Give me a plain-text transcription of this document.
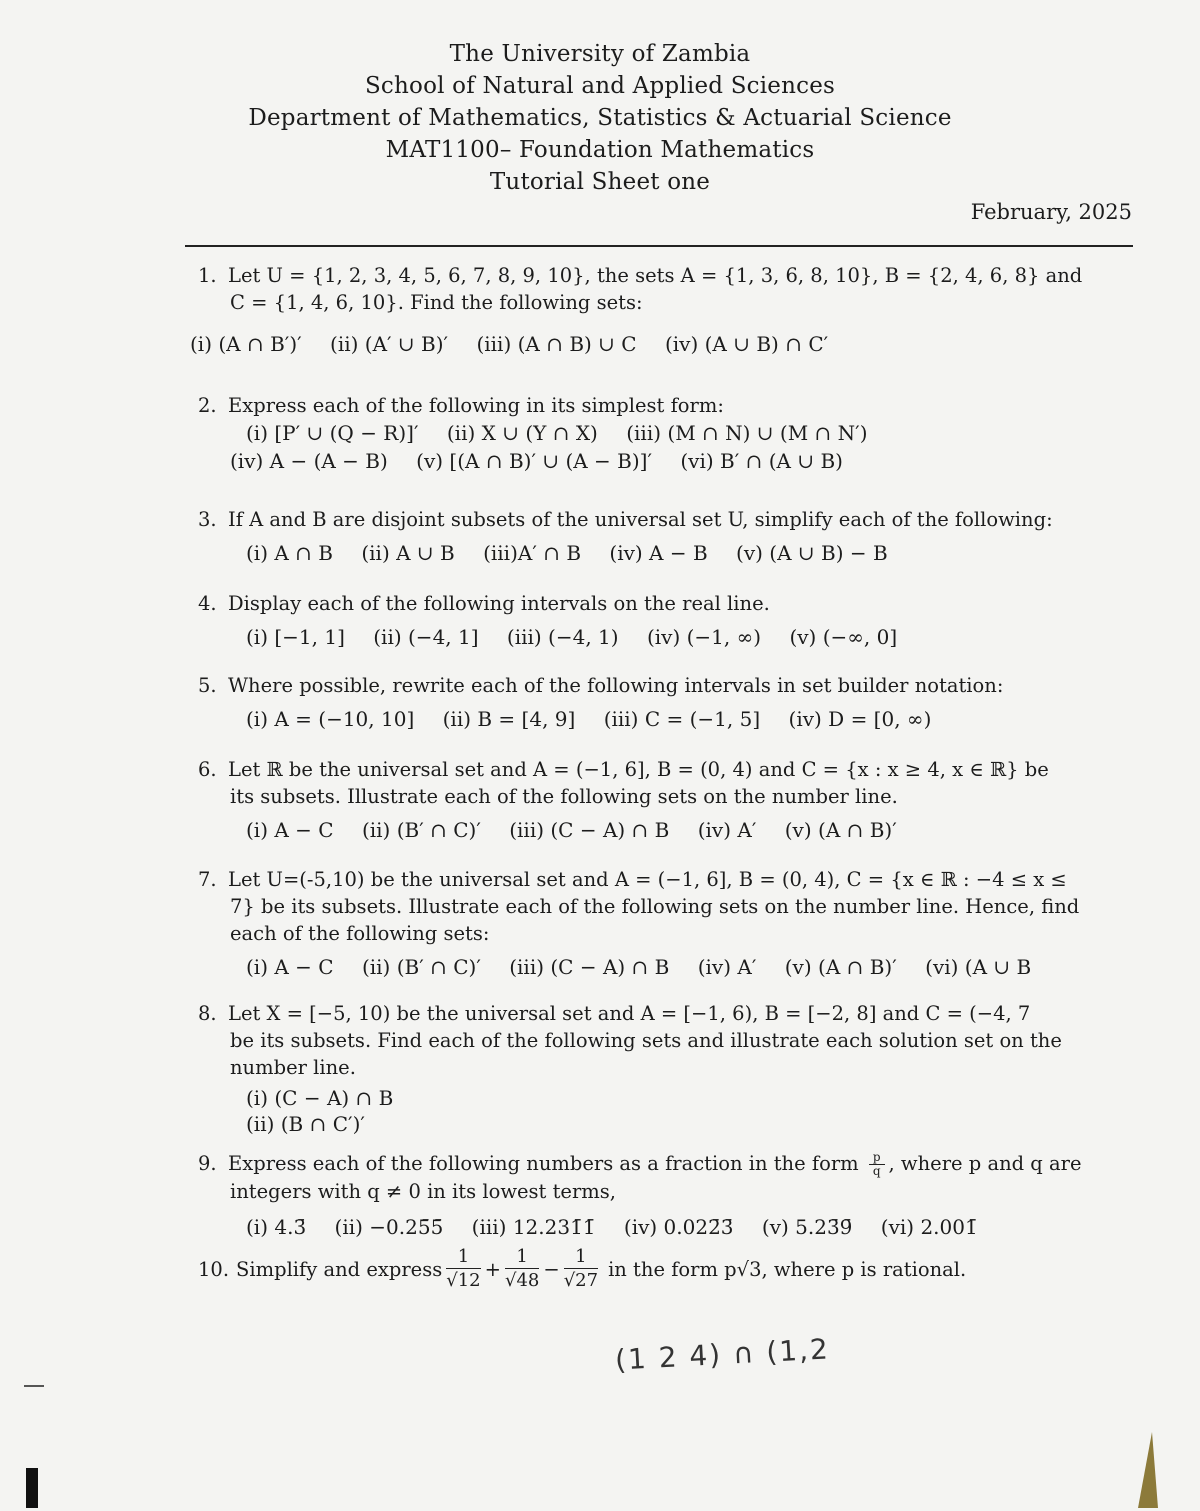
The University of Zambia
School of Natural and Applied Sciences
Department of Mathematics, Statistics & Actuarial Science
MAT1100– Foundation Mathematics
Tutorial Sheet one
February, 2025
1. Let U = {1, 2, 3, 4, 5, 6, 7, 8, 9, 10}, the sets A = {1, 3, 6, 8, 10}, B = {2, 4, 6, 8} and
C = {1, 4, 6, 10}. Find the following sets:
(i) (A ∩ B′)′ (ii) (A′ ∪ B)′ (iii) (A ∩ B) ∪ C (iv) (A ∪ B) ∩ C′
2. Express each of the following in its simplest form:
(i) [P′ ∪ (Q − R)]′ (ii) X ∪ (Y ∩ X) (iii) (M ∩ N) ∪ (M ∩ N′)
(iv) A − (A − B) (v) [(A ∩ B)′ ∪ (A − B)]′ (vi) B′ ∩ (A ∪ B)
3. If A and B are disjoint subsets of the universal set U, simplify each of the following:
(i) A ∩ B (ii) A ∪ B (iii)A′ ∩ B (iv) A − B (v) (A ∪ B) − B
4. Display each of the following intervals on the real line.
(i) [−1, 1] (ii) (−4, 1] (iii) (−4, 1) (iv) (−1, ∞) (v) (−∞, 0]
5. Where possible, rewrite each of the following intervals in set builder notation:
(i) A = (−10, 10] (ii) B = [4, 9] (iii) C = (−1, 5] (iv) D = [0, ∞)
6. Let ℝ be the universal set and A = (−1, 6], B = (0, 4) and C = {x : x ≥ 4, x ∈ ℝ} be
its subsets. Illustrate each of the following sets on the number line.
(i) A − C (ii) (B′ ∩ C)′ (iii) (C − A) ∩ B (iv) A′ (v) (A ∩ B)′
7. Let U=(-5,10) be the universal set and A = (−1, 6], B = (0, 4), C = {x ∈ ℝ : −4 ≤ x ≤
7} be its subsets. Illustrate each of the following sets on the number line. Hence, find
each of the following sets:
(i) A − C (ii) (B′ ∩ C)′ (iii) (C − A) ∩ B (iv) A′ (v) (A ∩ B)′ (vi) (A ∪ B
8. Let X = [−5, 10) be the universal set and A = [−1, 6), B = [−2, 8] and C = (−4, 7
be its subsets. Find each of the following sets and illustrate each solution set on the
number line.
(i) (C − A) ∩ B
(ii) (B ∩ C′)′
9. Express each of the following numbers as a fraction in the form $\frac{p}{q}$ , where p and q are
integers with q ≠ 0 in its lowest terms,
(i) 4.3̄ (ii) −0.25̄5̄ (iii) 12.231̄1̄ (iv) 0.022̄3̄ (v) 5.23̄9̄ (vi) 2.001̄
10. Simplify and express $\frac{1}{√12} + \frac{1}{√48} - \frac{1}{√27}$ in the form p√3, where p is rational.
(1 2 4) ∩ (1,2
